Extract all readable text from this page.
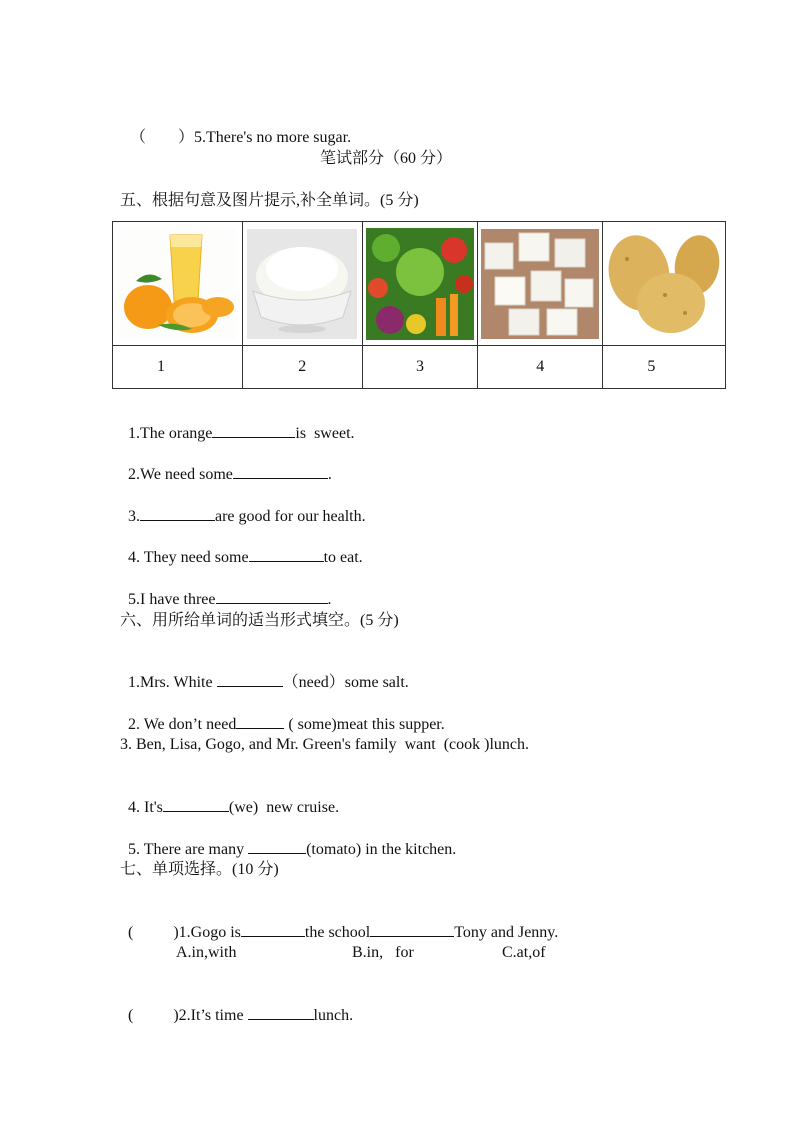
（        ）5.There's no more sugar.

笔试部分（60 分）
五、根据句意及图片提示,补全单词。(5 分)

1	2	3	4	5

1.The orange	is  sweet.

2.We need some	.

3.	are good for our health.

4. They need some	to eat.

5.I have three	.

六、用所给单词的适当形式填空。(5 分)

1.Mrs. White	（need）some salt.

2. We don’t need	( some)meat this supper.

3. Ben, Lisa, Gogo, and Mr. Green's family  want  (cook )lunch.

4. It's	(we)  new cruise.

5. There are many	(tomato) in the kitchen.

七、单项选择。(10 分)

(          )1.Gogo is	the school	Tony and Jenny.

A.in,with	B.in,   for	C.at,of

(          )2.It’s time	lunch.
